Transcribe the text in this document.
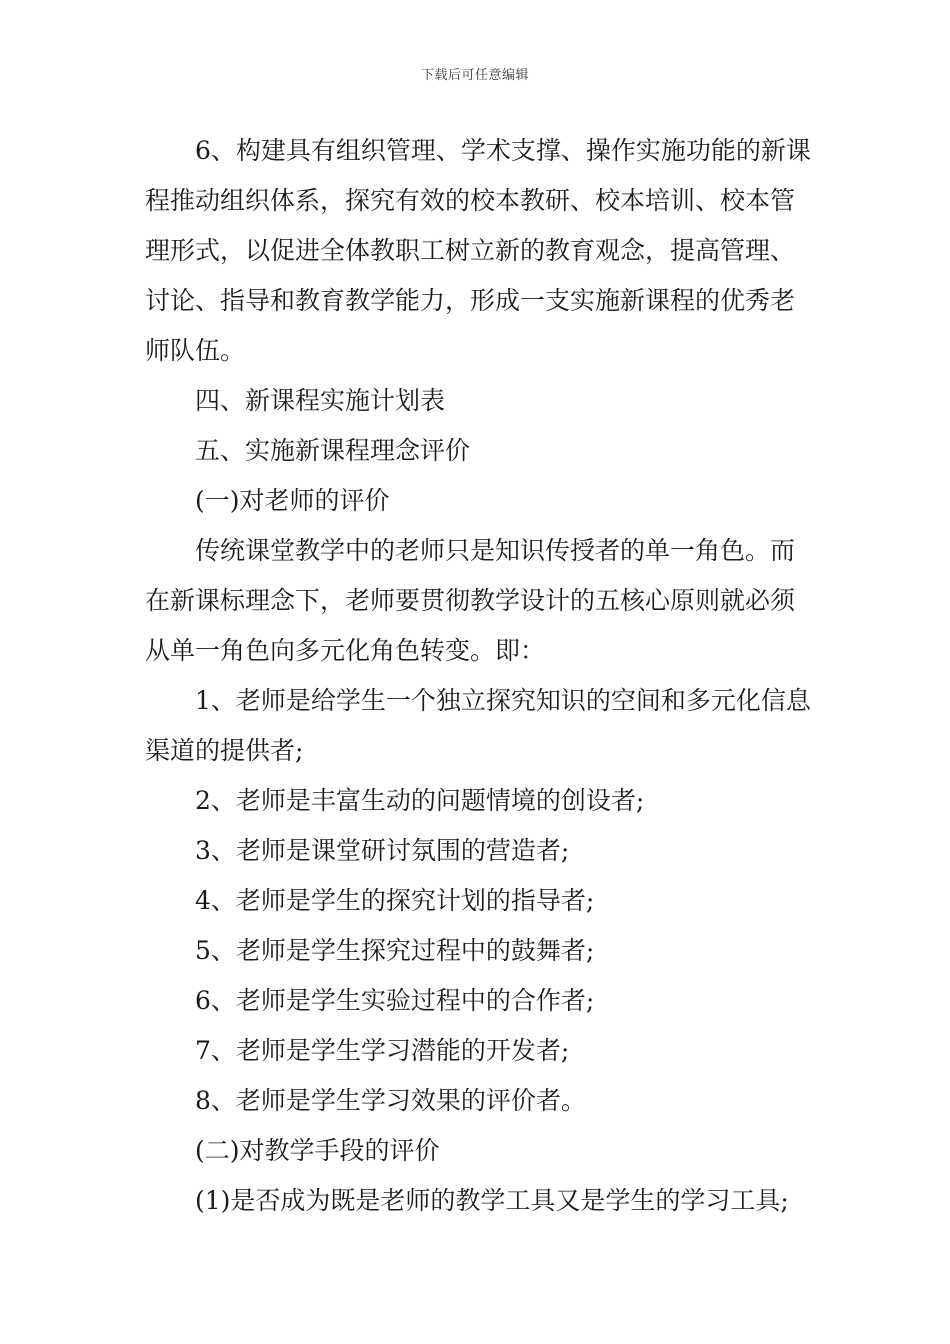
下载后可任意编辑

6、构建具有组织管理、学术支撑、操作实施功能的新课程推动组织体系，探究有效的校本教研、校本培训、校本管理形式，以促进全体教职工树立新的教育观念，提高管理、讨论、指导和教育教学能力，形成一支实施新课程的优秀老师队伍。

四、新课程实施计划表

五、实施新课程理念评价

(一)对老师的评价

传统课堂教学中的老师只是知识传授者的单一角色。而在新课标理念下，老师要贯彻教学设计的五核心原则就必须从单一角色向多元化角色转变。即：

1、老师是给学生一个独立探究知识的空间和多元化信息渠道的提供者;

2、老师是丰富生动的问题情境的创设者;

3、老师是课堂研讨氛围的营造者;

4、老师是学生的探究计划的指导者;

5、老师是学生探究过程中的鼓舞者;

6、老师是学生实验过程中的合作者;

7、老师是学生学习潜能的开发者;

8、老师是学生学习效果的评价者。

(二)对教学手段的评价

(1)是否成为既是老师的教学工具又是学生的学习工具;
